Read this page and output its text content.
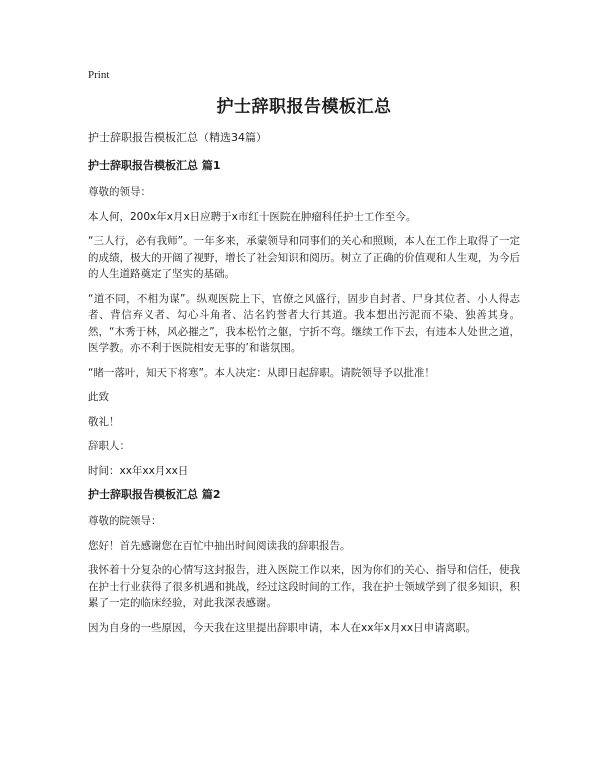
Print
护士辞职报告模板汇总

护士辞职报告模板汇总（精选34篇）

护士辞职报告模板汇总 篇1

尊敬的领导：

本人何，200x年x月x日应聘于x市红十医院在肿瘤科任护士工作至今。

“三人行，必有我师”。一年多来，承蒙领导和同事们的关心和照顾，本人在工作上取得了一定的成绩，极大的开阔了视野，增长了社会知识和阅历。树立了正确的价值观和人生观，为今后的人生道路奠定了坚实的基础。

“道不同，不相为谋”。纵观医院上下，官僚之风盛行，固步自封者、尸身其位者、小人得志者、背信弃义者、勾心斗角者、沽名钓誉者大行其道。我本想出污泥而不染、独善其身。然，“木秀于林，风必摧之”，我本松竹之躯，宁折不弯。继续工作下去，有违本人处世之道，医学教。亦不利于医院相安无事的’和谐氛围。

“睹一落叶，知天下将寒”。本人决定：从即日起辞职。请院领导予以批准！

此致

敬礼！

辞职人：

时间：xx年xx月xx日

护士辞职报告模板汇总 篇2

尊敬的院领导：

您好！首先感谢您在百忙中抽出时间阅读我的辞职报告。

我怀着十分复杂的心情写这封报告，进入医院工作以来，因为你们的关心、指导和信任，使我在护士行业获得了很多机遇和挑战，经过这段时间的工作，我在护士领域学到了很多知识，积累了一定的临床经验，对此我深表感谢。

因为自身的一些原因，今天我在这里提出辞职申请，本人在xx年x月xx日申请离职。
